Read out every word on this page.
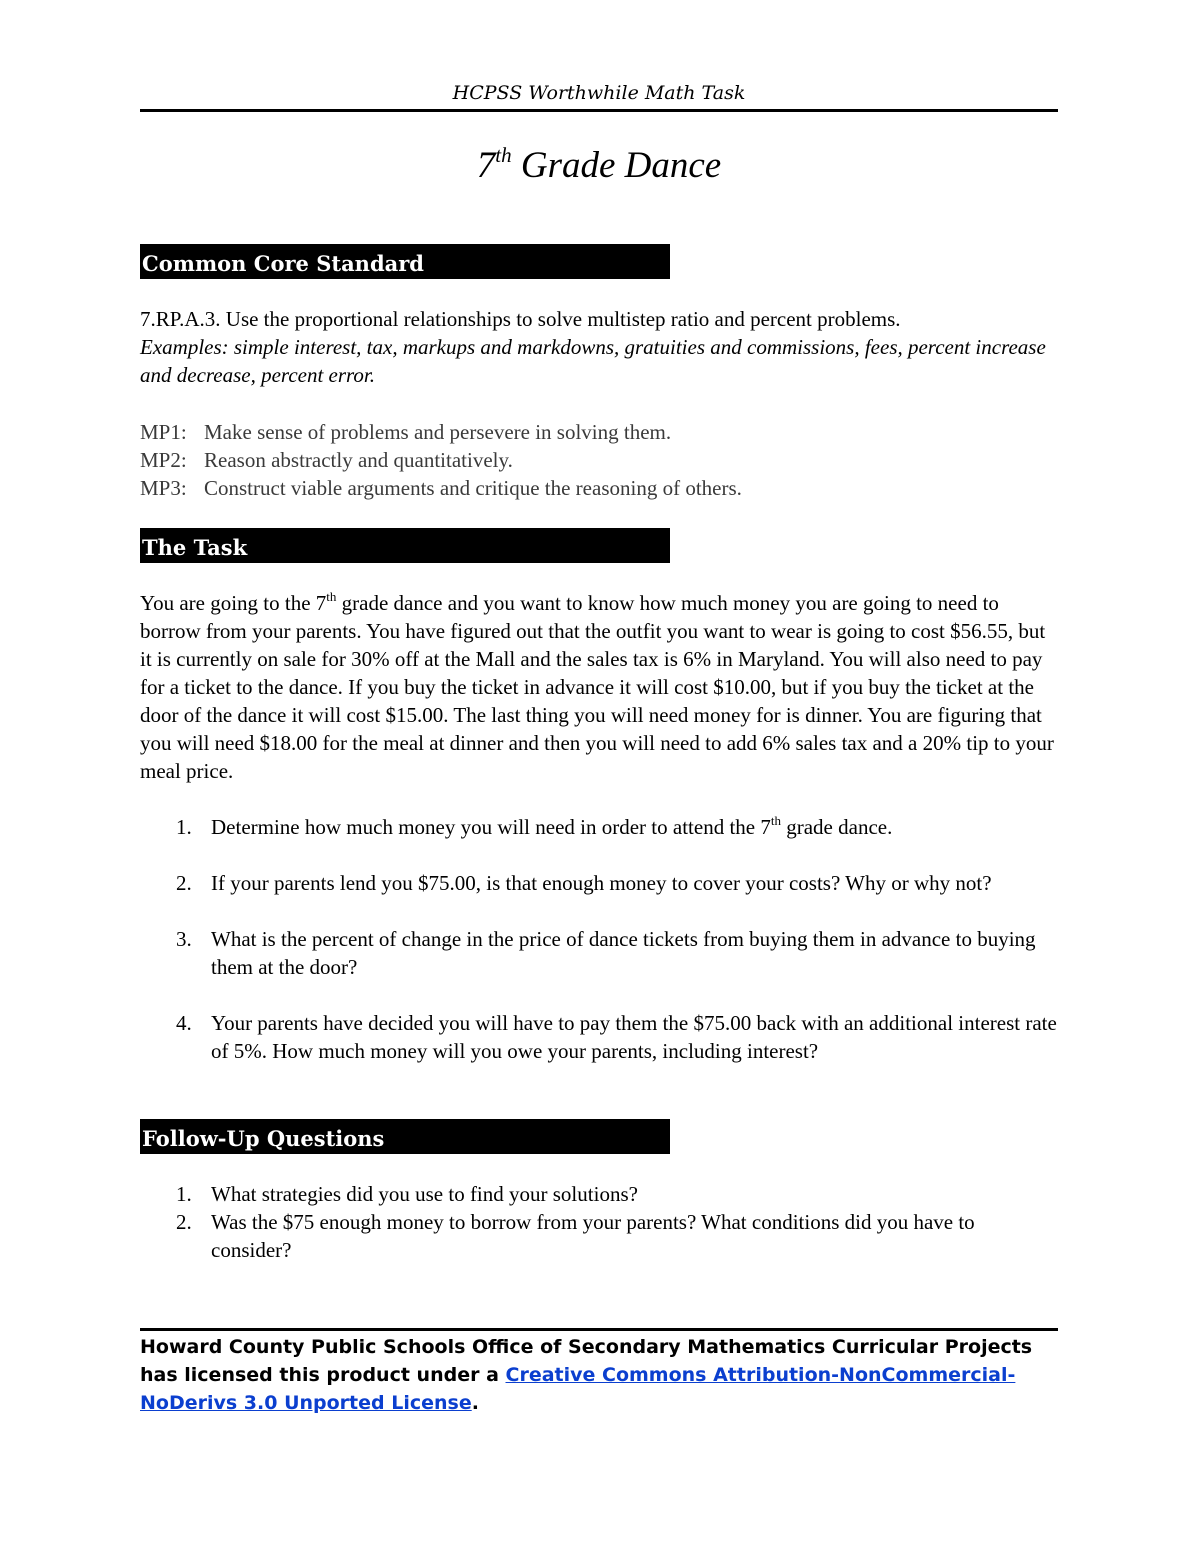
HCPSS Worthwhile Math Task
7th Grade Dance
Common Core Standard

7.RP.A.3. Use the proportional relationships to solve multistep ratio and percent problems.

Examples: simple interest, tax, markups and markdowns, gratuities and commissions, fees, percent increase and decrease, percent error.

MP1: Make sense of problems and persevere in solving them.

MP2: Reason abstractly and quantitatively.

MP3: Construct viable arguments and critique the reasoning of others.

The Task
You are going to the 7th grade dance and you want to know how much money you are going to need to borrow from your parents. You have figured out that the outfit you want to wear is going to cost $56.55, but it is currently on sale for 30% off at the Mall and the sales tax is 6% in Maryland. You will also need to pay for a ticket to the dance. If you buy the ticket in advance it will cost $10.00, but if you buy the ticket at the door of the dance it will cost $15.00. The last thing you will need money for is dinner. You are figuring that you will need $18.00 for the meal at dinner and then you will need to add 6% sales tax and a 20% tip to your meal price.
1. Determine how much money you will need in order to attend the 7th grade dance.
2. If your parents lend you $75.00, is that enough money to cover your costs? Why or why not?
3. What is the percent of change in the price of dance tickets from buying them in advance to buying them at the door?
4. Your parents have decided you will have to pay them the $75.00 back with an additional interest rate of 5%. How much money will you owe your parents, including interest?
Follow-Up Questions
1. What strategies did you use to find your solutions?
2. Was the $75 enough money to borrow from your parents? What conditions did you have to consider?
Howard County Public Schools Office of Secondary Mathematics Curricular Projects has licensed this product under a Creative Commons Attribution-NonCommercial-NoDerivs 3.0 Unported License.
